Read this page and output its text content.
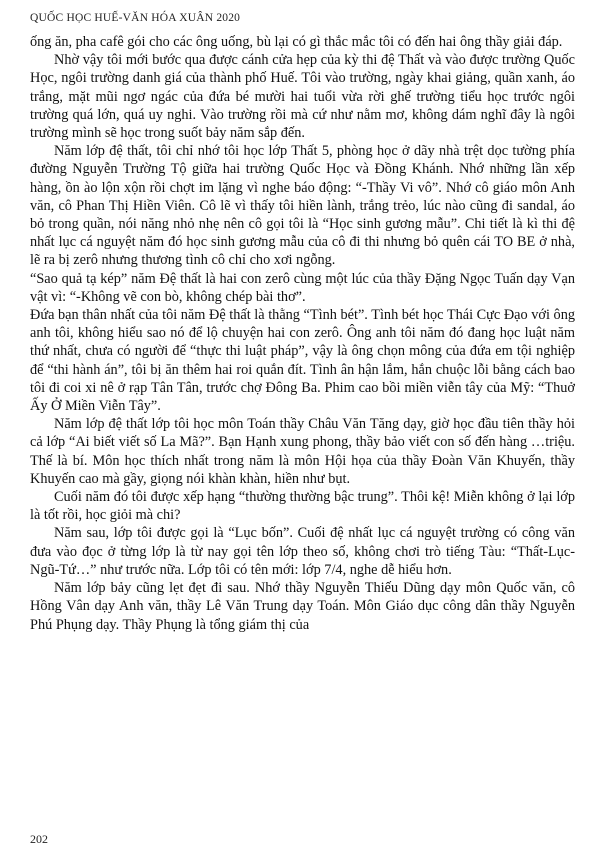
QUỐC HỌC HUẾ-VĂN HÓA XUÂN 2020

ống ăn, pha cafê gói cho các ông uống, bù lại có gì thắc mắc tôi có đến hai ông thầy giải đáp.

Nhờ vậy tôi mới bước qua được cánh cửa hẹp của kỳ thi đệ Thất và vào được trường Quốc Học, ngôi trường danh giá của thành phố Huế. Tôi vào trường, ngày khai giảng, quần xanh, áo trắng, mặt mũi ngơ ngác của đứa bé mười hai tuổi vừa rời ghế trường tiểu học trước ngôi trường quá lớn, quá uy nghi. Vào trường rồi mà cứ như nằm mơ, không dám nghĩ đây là ngôi trường mình sẽ học trong suốt bảy năm sắp đến.

Năm lớp đệ thất, tôi chỉ nhớ tôi học lớp Thất 5, phòng học ở dãy nhà trệt dọc tường phía đường Nguyễn Trường Tộ giữa hai trường Quốc Học và Đồng Khánh. Nhớ những lần xếp hàng, ồn ào lộn xộn rồi chợt im lặng vì nghe báo động: “-Thầy Vi vô”. Nhớ cô giáo môn Anh văn, cô Phan Thị Hiền Viên. Cô lẽ vì thấy tôi hiền lành, trắng trẻo, lúc nào cũng đi sandal, áo bỏ trong quần, nói năng nhỏ nhẹ nên cô gọi tôi là “Học sinh gương mẫu”. Chi tiết là kì thi đệ nhất lục cá nguyệt năm đó học sinh gương mẫu của cô đi thi nhưng bỏ quên cái TO BE ở nhà, lẽ ra bị zerô nhưng thương tình cô chỉ cho xơi ngỗng.

“Sao quả tạ kép” năm Đệ thất là hai con zerô cùng một lúc của thầy Đặng Ngọc Tuấn dạy Vạn vật vì: “-Không vẽ con bò, không chép bài thơ”.

Đứa bạn thân nhất của tôi năm Đệ thất là thằng “Tình bét”. Tình bét học Thái Cực Đạo với ông anh tôi, không hiểu sao nó để lộ chuyện hai con zerô. Ông anh tôi năm đó đang học luật năm thứ nhất, chưa có người để “thực thi luật pháp”, vậy là ông chọn mông của đứa em tội nghiệp để “thi hành án”, tôi bị ăn thêm hai roi quắn đít. Tình ân hận lắm, hắn chuộc lỗi bằng cách bao tôi đi coi xi nê ở rạp Tân Tân, trước chợ Đông Ba. Phim cao bồi miền viễn tây của Mỹ: “Thuở Ấy Ở Miền Viễn Tây”.

Năm lớp đệ thất lớp tôi học môn Toán thầy Châu Văn Tăng dạy, giờ học đầu tiên thầy hỏi cả lớp “Ai biết viết số La Mã?”. Bạn Hạnh xung phong, thầy bảo viết con số đến hàng …triệu. Thế là bí. Môn học thích nhất trong năm là môn Hội họa của thầy Đoàn Văn Khuyến, thầy Khuyến cao mà gầy, giọng nói khàn khàn, hiền như bụt.

Cuối năm đó tôi được xếp hạng “thường thường bậc trung”. Thôi kệ! Miễn không ở lại lớp là tốt rồi, học giỏi mà chi?

Năm sau, lớp tôi được gọi là “Lục bốn”. Cuối đệ nhất lục cá nguyệt trường có công văn đưa vào đọc ở từng lớp là từ nay gọi tên lớp theo số, không chơi trò tiếng Tàu: “Thất-Lục-Ngũ-Tứ…” như trước nữa. Lớp tôi có tên mới: lớp 7/4, nghe dễ hiểu hơn.

Năm lớp bảy cũng lẹt đẹt đi sau. Nhớ thầy Nguyễn Thiếu Dũng dạy môn Quốc văn, cô Hồng Vân dạy Anh văn, thầy Lê Văn Trung dạy Toán. Môn Giáo dục công dân thầy Nguyễn Phú Phụng dạy. Thầy Phụng là tổng giám thị của

202
